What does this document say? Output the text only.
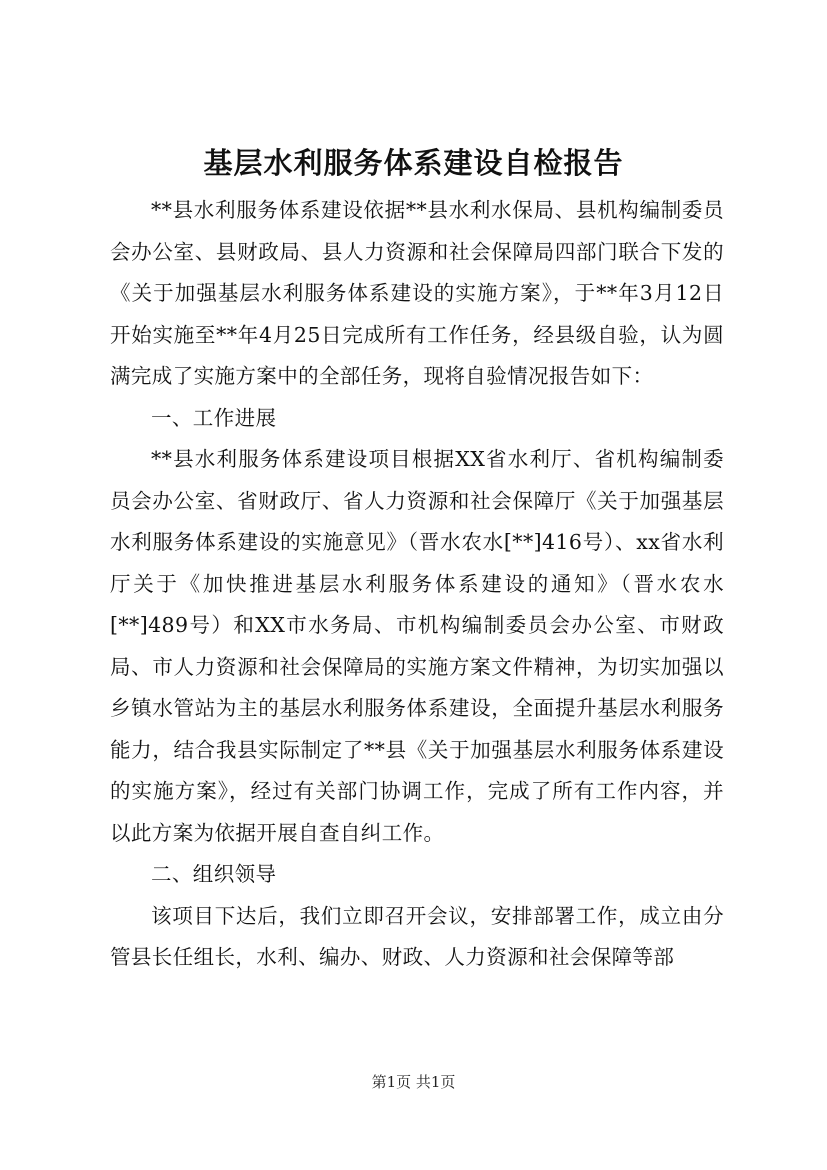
基层水利服务体系建设自检报告

**县水利服务体系建设依据**县水利水保局、县机构编制委员会办公室、县财政局、县人力资源和社会保障局四部门联合下发的《关于加强基层水利服务体系建设的实施方案》，于**年3月12日开始实施至**年4月25日完成所有工作任务，经县级自验，认为圆满完成了实施方案中的全部任务，现将自验情况报告如下：

一、工作进展

**县水利服务体系建设项目根据XX省水利厅、省机构编制委员会办公室、省财政厅、省人力资源和社会保障厅《关于加强基层水利服务体系建设的实施意见》（晋水农水[**]416号）、xx省水利厅关于《加快推进基层水利服务体系建设的通知》（晋水农水[**]489号）和XX市水务局、市机构编制委员会办公室、市财政局、市人力资源和社会保障局的实施方案文件精神，为切实加强以乡镇水管站为主的基层水利服务体系建设，全面提升基层水利服务能力，结合我县实际制定了**县《关于加强基层水利服务体系建设的实施方案》，经过有关部门协调工作，完成了所有工作内容，并以此方案为依据开展自查自纠工作。

二、组织领导

该项目下达后，我们立即召开会议，安排部署工作，成立由分管县长任组长，水利、编办、财政、人力资源和社会保障等部

第1页 共1页
